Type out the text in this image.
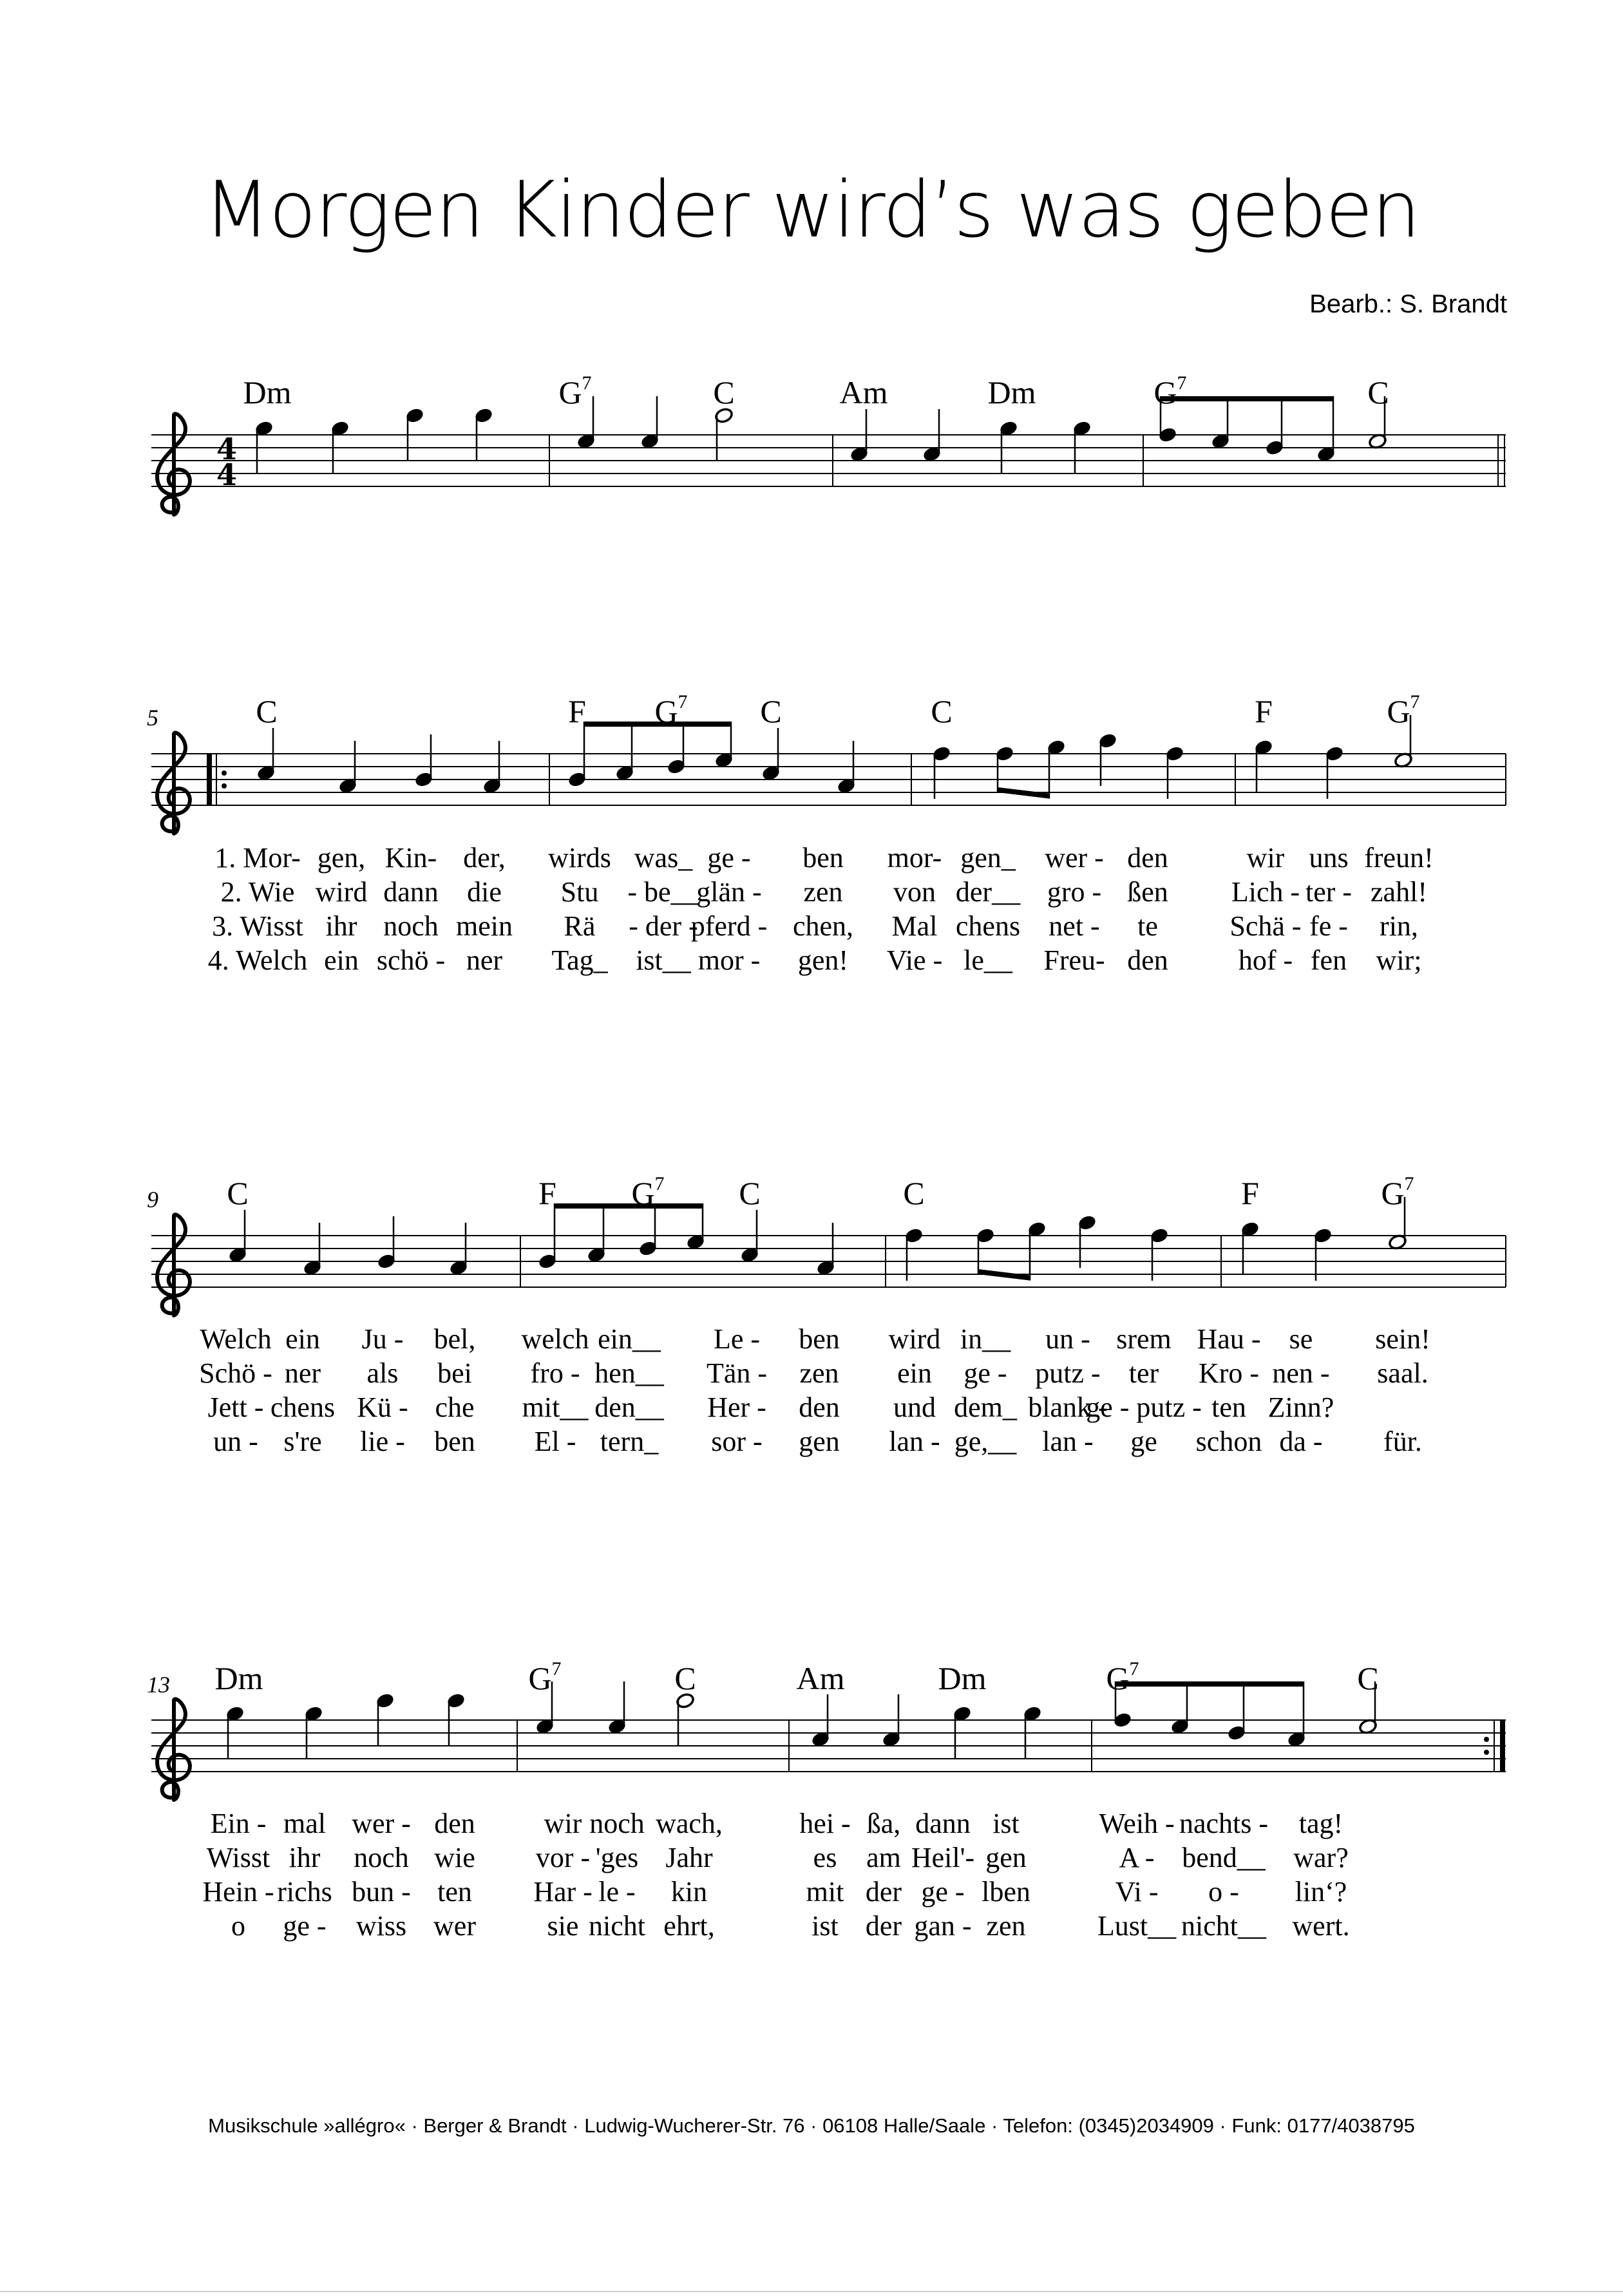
Morgen Kinder wird’s was geben
Bearb.: S. Brandt
4
4
Dm	$G^7$	C	Am	Dm	$G^7$	C
5	C	F $G^7$ C	C	F	$G^7$
1. Mor- gen, Kin- der, wirds was_ ge - ben mor- gen_ wer - den	wir uns freun!
2. Wie wird dann die Stu - be__
glän - zen von der__ gro - ßen Lich - ter - zahl!
3. Wisst ihr noch mein Rä - der -
pferd - chen, Mal chens net - te	Schä - fe - rin,
4. Welch ein schö - ner Tag_ ist__ mor - gen! Vie - le__ Freu- den hof - fen wir;
9 C	F $G^7$ C	C	F	$G^7$
Welch ein Ju - bel, welch ein__ Le - ben wird in__ un - srem Hau - se sein!
Schö - ner als bei fro - hen__ Tän - zen ein ge - putz - ter Kro - nen - saal.
Jett - chens Kü - che mit__ den__ Her - den und dem_ blank -
ge - putz - ten Zinn?
un - s're lie - ben El - tern_ sor - gen lan - ge,__ lan - ge schon da - für.
13 Dm	$G^7$	C	Am	Dm	$G^7$	C
Ein - mal wer - den wir noch wach,	hei - ßa, dann ist	Weih - nachts - tag!
Wisst ihr noch wie vor - 'ges Jahr	es am Heil'- gen	A - bend__ war?
Hein - richs bun - ten Har - le - kin	mit der ge - lben	Vi - o - lin‘?
o ge - wiss wer	sie nicht ehrt,	ist der gan - zen	Lust__ nicht__ wert.
Musikschule »allégro« · Berger & Brandt · Ludwig-Wucherer-Str. 76 · 06108 Halle/Saale · Telefon: (0345)2034909 · Funk: 0177/4038795
